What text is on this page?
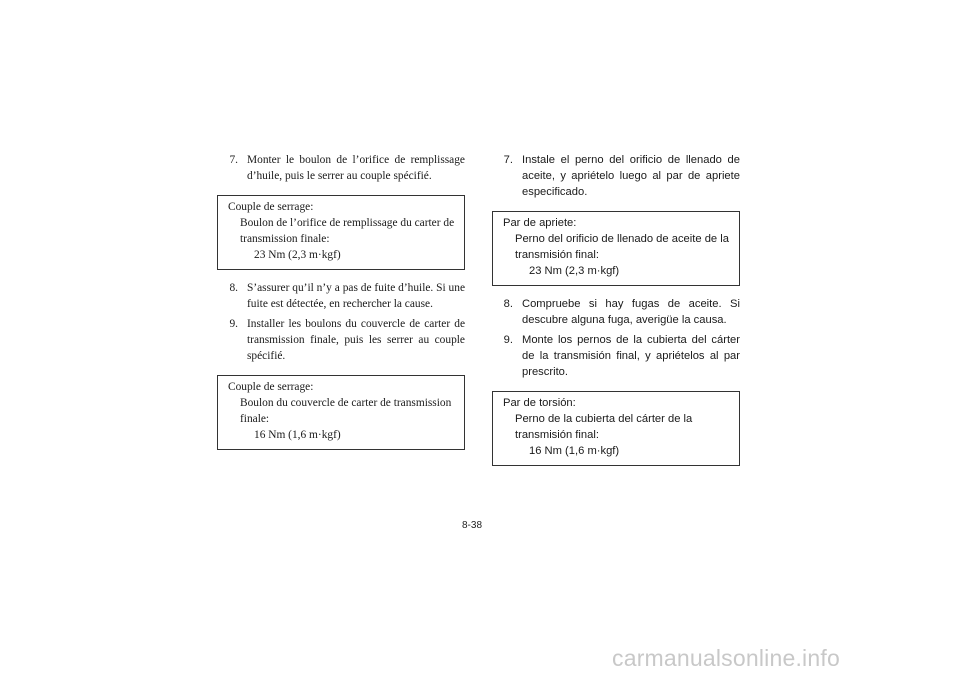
7. Monter le boulon de l’orifice de remplissage d’huile, puis le serrer au couple spécifié.
Couple de serrage:
Boulon de l’orifice de remplissage du carter de transmission finale:
23 Nm (2,3 m·kgf)
8. S’assurer qu’il n’y a pas de fuite d’huile. Si une fuite est détectée, en rechercher la cause.
9. Installer les boulons du couvercle de carter de transmission finale, puis les serrer au couple spécifié.
Couple de serrage:
Boulon du couvercle de carter de transmission finale:
16 Nm (1,6 m·kgf)
7. Instale el perno del orificio de llenado de aceite, y apriételo luego al par de apriete especificado.
Par de apriete:
Perno del orificio de llenado de aceite de la transmisión final:
23 Nm (2,3 m·kgf)
8. Compruebe si hay fugas de aceite. Si descubre alguna fuga, averigüe la causa.
9. Monte los pernos de la cubierta del cárter de la transmisión final, y apriételos al par prescrito.
Par de torsión:
Perno de la cubierta del cárter de la transmisión final:
16 Nm (1,6 m·kgf)
8-38
carmanualsonline.info
